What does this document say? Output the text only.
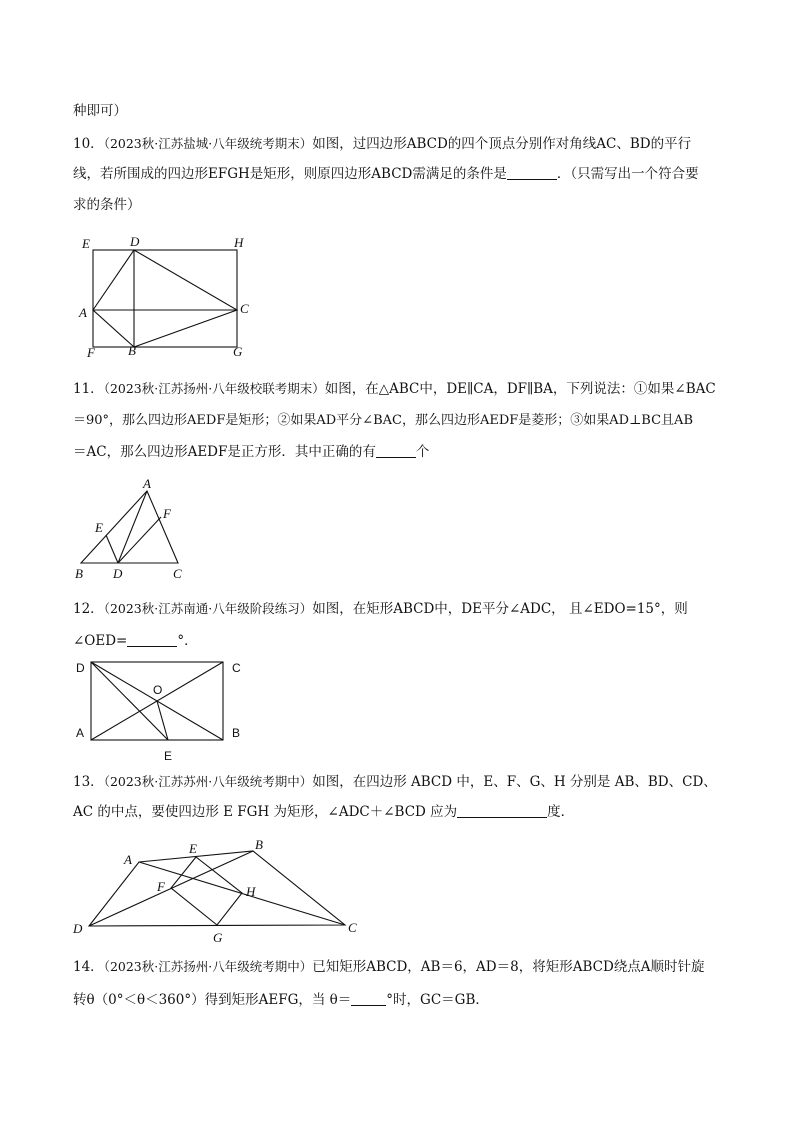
种即可）
10．（2023秋·江苏盐城·八年级统考期末）如图，过四边形ABCD的四个顶点分别作对角线AC、BD的平行
线，若所围成的四边形EFGH是矩形，则原四边形ABCD需满足的条件是	．（只需写出一个符合要
求的条件）
E	D	H
A	C
F	B	G
11．（2023秋·江苏扬州·八年级校联考期末）如图，在△ABC中，DE∥CA，DF∥BA，下列说法：①如果∠BAC
＝90°，那么四边形AEDF是矩形；②如果AD平分∠BAC，那么四边形AEDF是菱形；③如果AD⊥BC且AB
＝AC，那么四边形AEDF是正方形．其中正确的有	个
A
E
F
B D	C
12．（2023秋·江苏南通·八年级阶段练习）如图，在矩形ABCD中，DE平分∠ADC， 且∠EDO=15°，则
∠OED=	°．
D	C
O
A	B
E
13．（2023秋·江苏苏州·八年级统考期中）如图，在四边形 ABCD 中，E、F、G、H 分别是 AB、BD、CD、
AC 的中点，要使四边形 E FGH 为矩形，∠ADC＋∠BCD 应为	度．
A
E	B
F	H
D
G
C
14．（2023秋·江苏扬州·八年级统考期中）已知矩形ABCD，AB＝6，AD＝8，将矩形ABCD绕点A顺时针旋
转θ（0°＜θ＜360°）得到矩形AEFG，当 θ＝	°时，GC＝GB．
